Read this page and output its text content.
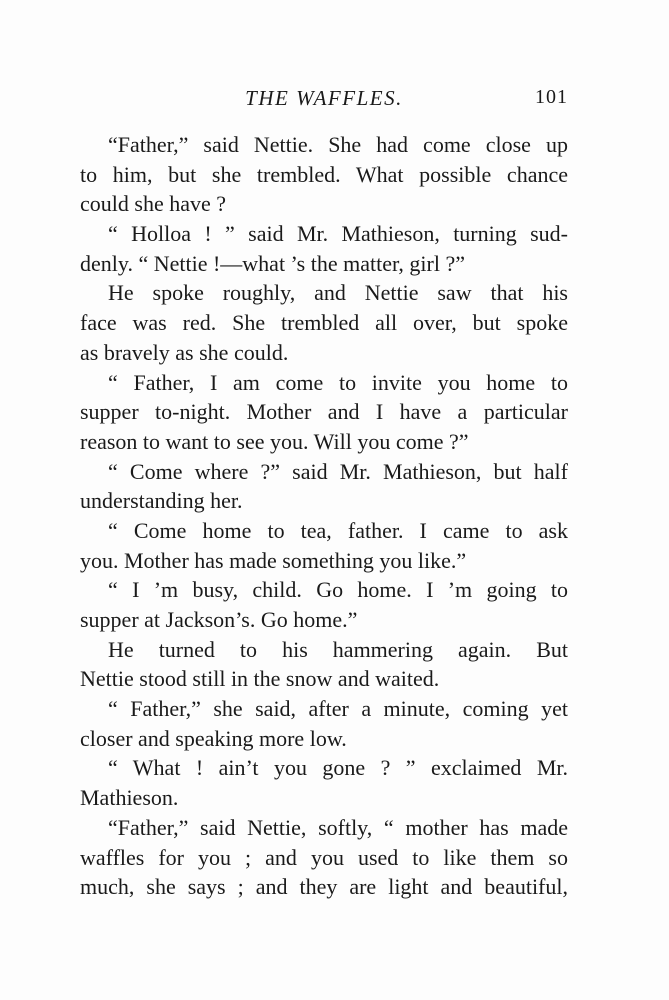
THE WAFFLES.	101
“Father,” said Nettie. She had come close up
to him, but she trembled. What possible chance
could she have ?
“ Holloa ! ” said Mr. Mathieson, turning sud-
denly. “ Nettie !—what ’s the matter, girl ?”
He spoke roughly, and Nettie saw that his
face was red. She trembled all over, but spoke
as bravely as she could.
“ Father, I am come to invite you home to
supper to-night. Mother and I have a particular
reason to want to see you. Will you come ?”
“ Come where ?” said Mr. Mathieson, but half
understanding her.
“ Come home to tea, father. I came to ask
you. Mother has made something you like.”
“ I ’m busy, child. Go home. I ’m going to
supper at Jackson’s. Go home.”
He turned to his hammering again. But
Nettie stood still in the snow and waited.
“ Father,” she said, after a minute, coming yet
closer and speaking more low.
“ What ! ain’t you gone ? ” exclaimed Mr.
Mathieson.
“Father,” said Nettie, softly, “ mother has made
waffles for you ; and you used to like them so
much, she says ; and they are light and beautiful,
